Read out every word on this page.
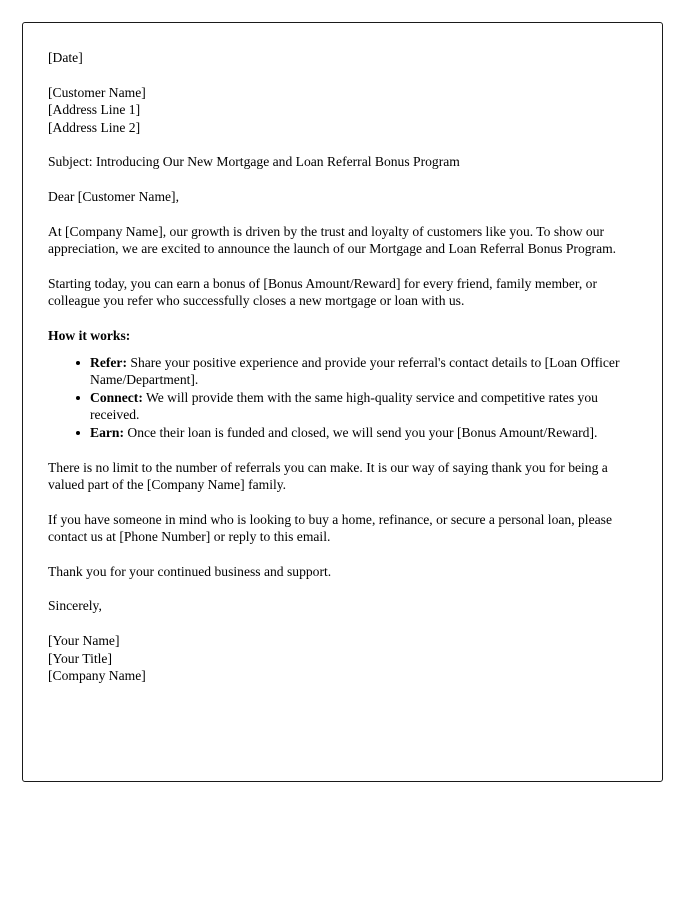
[Date]
[Customer Name]
[Address Line 1]
[Address Line 2]

Subject: Introducing Our New Mortgage and Loan Referral Bonus Program

Dear [Customer Name],

At [Company Name], our growth is driven by the trust and loyalty of customers like you. To show our appreciation, we are excited to announce the launch of our Mortgage and Loan Referral Bonus Program.

Starting today, you can earn a bonus of [Bonus Amount/Reward] for every friend, family member, or colleague you refer who successfully closes a new mortgage or loan with us.

How it works:

Refer: Share your positive experience and provide your referral's contact details to [Loan Officer Name/Department].
Connect: We will provide them with the same high-quality service and competitive rates you received.
Earn: Once their loan is funded and closed, we will send you your [Bonus Amount/Reward].

There is no limit to the number of referrals you can make. It is our way of saying thank you for being a valued part of the [Company Name] family.

If you have someone in mind who is looking to buy a home, refinance, or secure a personal loan, please contact us at [Phone Number] or reply to this email.

Thank you for your continued business and support.

Sincerely,

[Your Name]
[Your Title]
[Company Name]
